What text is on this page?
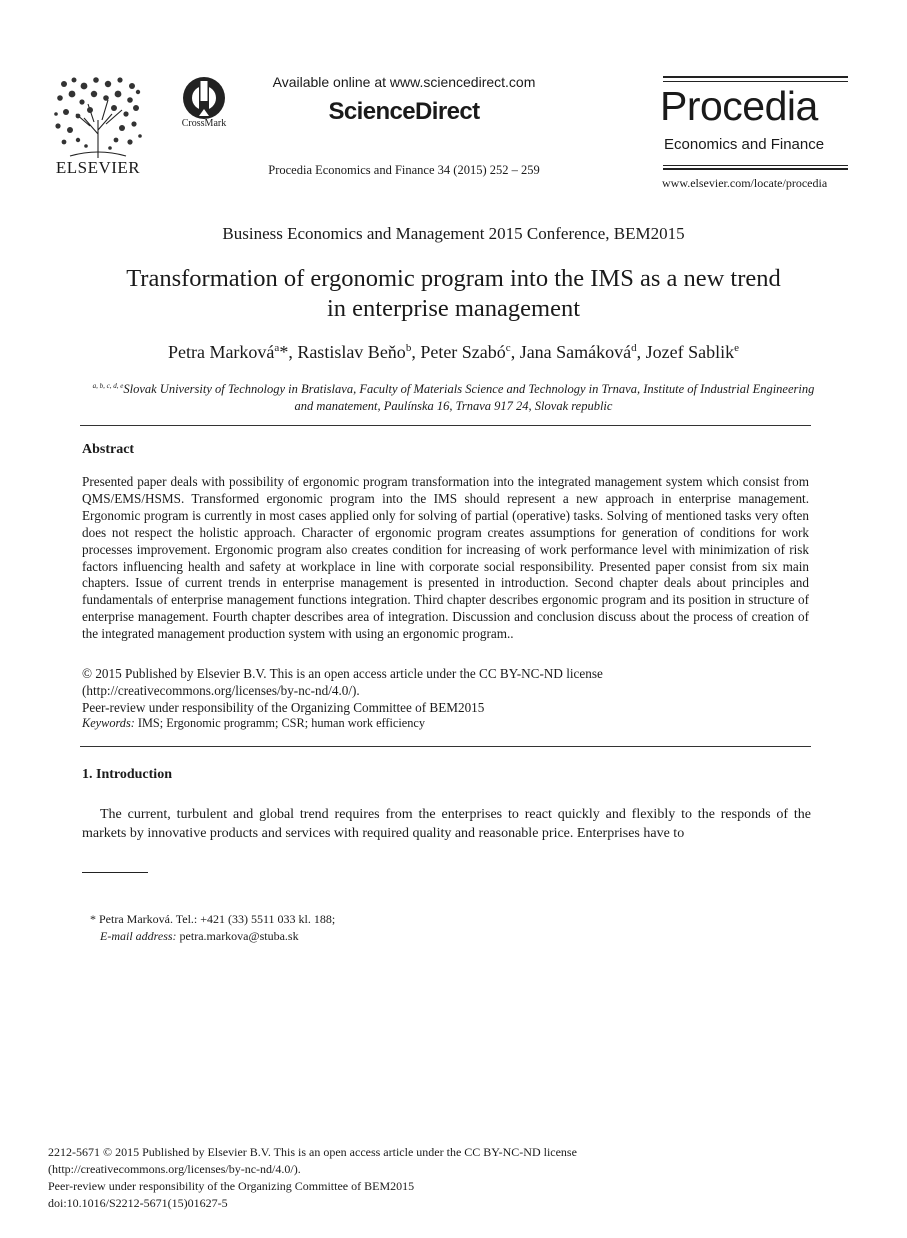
ELSEVIER
CrossMark
Available online at www.sciencedirect.com
ScienceDirect
Procedia Economics and Finance 34 (2015) 252 – 259
Procedia
Economics and Finance
www.elsevier.com/locate/procedia
Business Economics and Management 2015 Conference, BEM2015
Transformation of ergonomic program into the IMS as a new trend
in enterprise management
Petra Marková$^a$*, Rastislav Beňo$^b$, Peter Szabó$^c$, Jana Samáková$^d$, Jozef Sablik$^e$
$^{a, b, c, d, e}$Slovak University of Technology in Bratislava, Faculty of Materials Science and Technology in Trnava, Institute of Industrial Engineering
and manatement, Paulínska 16, Trnava 917 24, Slovak republic
Abstract
Presented paper deals with possibility of ergonomic program transformation into the integrated management system which consist from QMS/EMS/HSMS. Transformed ergonomic program into the IMS should represent a new approach in enterprise management. Ergonomic program is currently in most cases applied only for solving of partial (operative) tasks. Solving of mentioned tasks very often does not respect the holistic approach. Character of ergonomic program creates assumptions for generation of conditions for work processes improvement. Ergonomic program also creates condition for increasing of work performance level with minimization of risk factors influencing health and safety at workplace in line with corporate social responsibility. Presented paper consist from six main chapters. Issue of current trends in enterprise management is presented in introduction. Second chapter deals about principles and fundamentals of enterprise management functions integration. Third chapter describes ergonomic program and its position in structure of enterprise management. Fourth chapter describes area of integration. Discussion and conclusion discuss about the process of creation of the integrated management production system with using an ergonomic program..
© 2015 Published by Elsevier B.V. This is an open access article under the CC BY-NC-ND license
(http://creativecommons.org/licenses/by-nc-nd/4.0/).
Peer-review under responsibility of the Organizing Committee of BEM2015
Keywords: IMS; Ergonomic programm; CSR; human work efficiency
1. Introduction
The current, turbulent and global trend requires from the enterprises to react quickly and flexibly to the responds of the markets by innovative products and services with required quality and reasonable price. Enterprises have to
* Petra Marková. Tel.: +421 (33) 5511 033 kl. 188;
E-mail address: petra.markova@stuba.sk
2212-5671 © 2015 Published by Elsevier B.V. This is an open access article under the CC BY-NC-ND license
(http://creativecommons.org/licenses/by-nc-nd/4.0/).
Peer-review under responsibility of the Organizing Committee of BEM2015
doi:10.1016/S2212-5671(15)01627-5
